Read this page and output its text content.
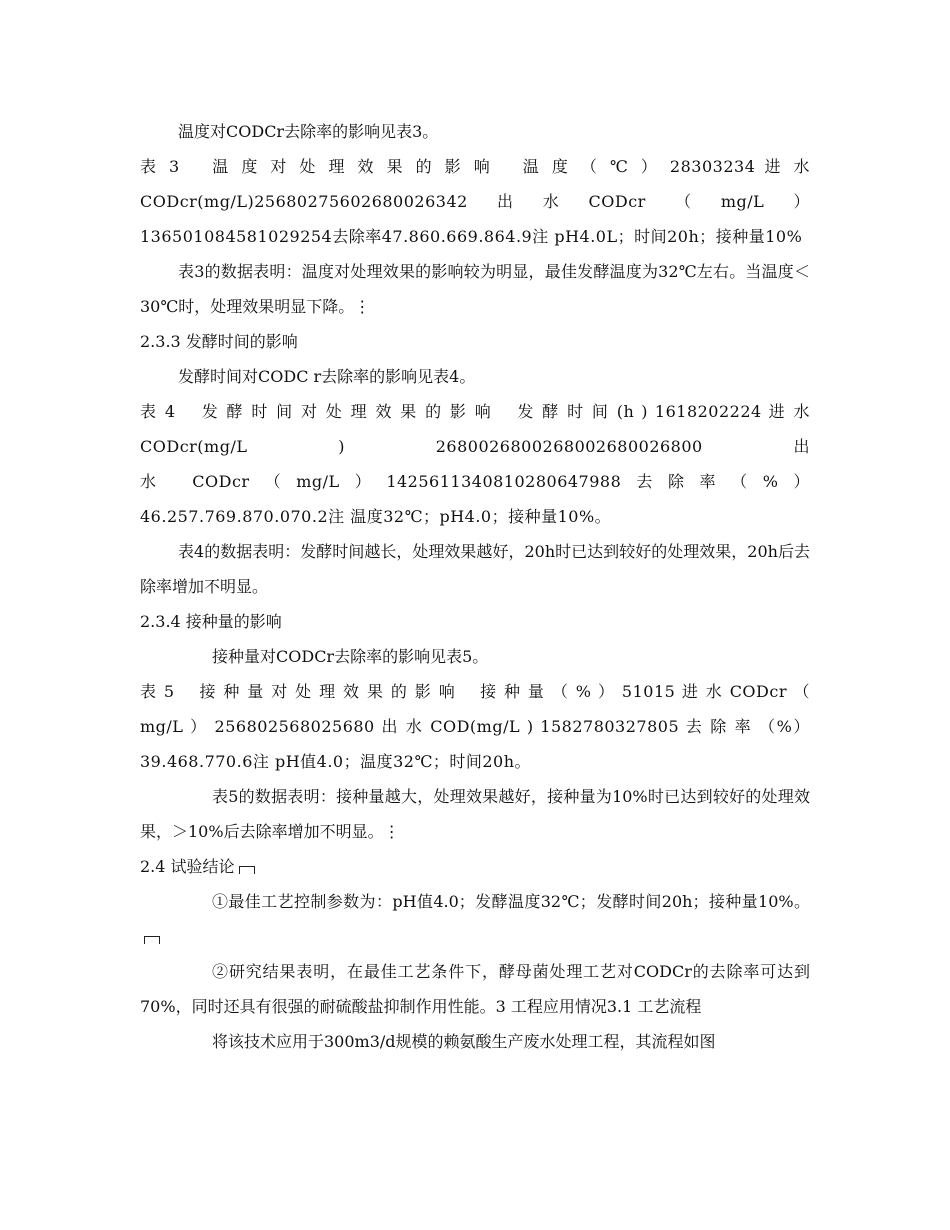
温度对CODCr去除率的影响见表3。

表 3　 温 度 对 处 理 效 果 的 影 响　 温 度 （ ℃ ） 28303234 进 水CODcr(mg/L)25680275602680026342出水CODcr（mg/L）136501084581029254去除率47.860.669.864.9注 pH4.0L；时间20h；接种量10%

表3的数据表明：温度对处理效果的影响较为明显，最佳发酵温度为32℃左右。当温度＜30℃时，处理效果明显下降。⋮

2.3.3 发酵时间的影响

发酵时间对CODC r去除率的影响见表4。

表 4　 发 酵 时 间 对 处 理 效 果 的 影 响　 发 酵 时 间 (h ) 1618202224 进 水 CODcr(mg/L　　　　　)　　　　　2680026800268002680026800　　　　　出　　　　水 CODcr（mg/L）142561134081028064798​8去除率（%）46.257.769.870.070.2注 温度32℃；pH4.0；接种量10%。

表4的数据表明：发酵时间越长，处理效果越好，20h时已达到较好的处理效果，20h后去除率增加不明显。

2.3.4 接种量的影响

接种量对CODCr去除率的影响见表5。

表 5　 接 种 量 对 处 理 效 果 的 影 响　 接 种 量 （ % ） 51015 进 水 CODcr （ mg/L ） 256802568025680 出 水 COD(mg/L ) 1582780327805 去 除 率 （%）39.468.770.6注 pH值4.0；温度32℃；时间20h。

表5的数据表明：接种量越大，处理效果越好，接种量为10%时已达到较好的处理效果，＞10%后去除率增加不明显。⋮

2.4 试验结论

①最佳工艺控制参数为：pH值4.0；发酵温度32℃；发酵时间20h；接种量10%。

②研究结果表明，在最佳工艺条件下，酵母菌处理工艺对CODCr的去除率可达到70%，同时还具有很强的耐硫酸盐抑制作用性能。3 工程应用情况3.1 工艺流程

将该技术应用于300m3/d规模的赖氨酸生产废水处理工程，其流程如图
